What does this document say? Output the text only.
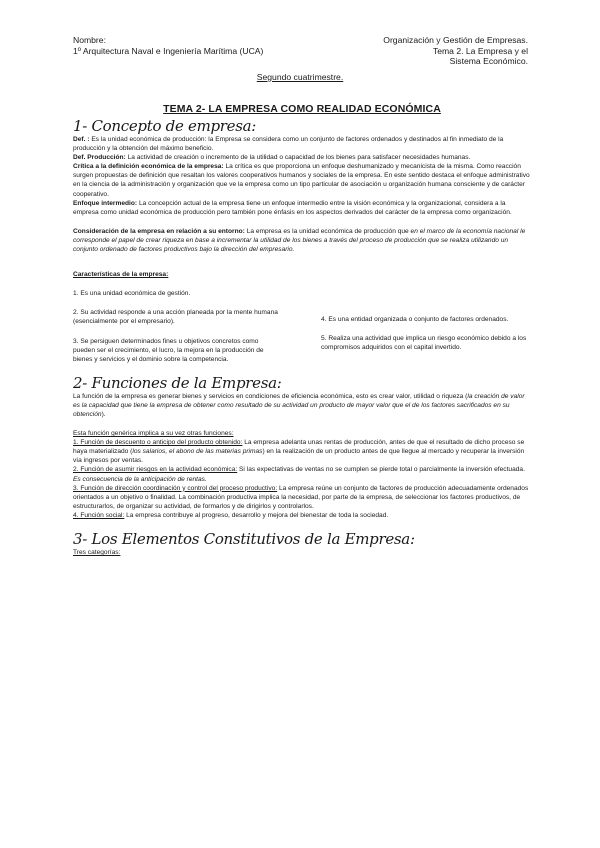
Nombre:
1º Arquitectura Naval e Ingeniería Marítima (UCA)
Organización y Gestión de Empresas.
Tema 2. La Empresa y el
Sistema Económico.
Segundo cuatrimestre.
TEMA 2- LA EMPRESA COMO REALIDAD ECONÓMICA
1- Concepto de empresa:

Def. : Es la unidad económica de producción: la Empresa se considera como un conjunto de factores ordenados y destinados al fin inmediato de la producción y la obtención del máximo beneficio.

Def. Producción: La actividad de creación o incremento de la utilidad o capacidad de los bienes para satisfacer necesidades humanas.

Crítica a la definición económica de la empresa: La crítica es que proporciona un enfoque deshumanizado y mecanicista de la misma. Como reacción surgen propuestas de definición que resaltan los valores cooperativos humanos y sociales de la empresa. En este sentido destaca el enfoque administrativo en la ciencia de la administración y organización que ve la empresa como un tipo particular de asociación u organización humana consciente y de carácter cooperativo.

Enfoque intermedio: La concepción actual de la empresa tiene un enfoque intermedio entre la visión económica y la organizacional, considera a la empresa como unidad económica de producción pero también pone énfasis en los aspectos derivados del carácter de la empresa como organización.

Consideración de la empresa en relación a su entorno: La empresa es la unidad económica de producción que en el marco de la economía nacional le corresponde el papel de crear riqueza en base a incrementar la utilidad de los bienes a través del proceso de producción que se realiza utilizando un conjunto ordenado de factores productivos bajo la dirección del empresario.

Características de la empresa:

1. Es una unidad económica de gestión.

2. Su actividad responde a una acción planeada por la mente humana (esencialmente por el empresario).

3. Se persiguen determinados fines u objetivos concretos como pueden ser el crecimiento, el lucro, la mejora en la producción de bienes y servicios y el dominio sobre la competencia.

4. Es una entidad organizada o conjunto de factores ordenados.

5. Realiza una actividad que implica un riesgo económico debido a los compromisos adquiridos con el capital invertido.

2- Funciones de la Empresa:

La función de la empresa es generar bienes y servicios en condiciones de eficiencia económica, esto es crear valor, utilidad o riqueza (la creación de valor es la capacidad que tiene la empresa de obtener como resultado de su actividad un producto de mayor valor que el de los factores sacrificados en su obtención).

Esta función genérica implica a su vez otras funciones:

1. Función de descuento o anticipo del producto obtenido: La empresa adelanta unas rentas de producción, antes de que el resultado de dicho proceso se haya materializado (los salarios, el abono de las materias primas) en la realización de un producto antes de que llegue al mercado y recuperar la inversión vía ingresos por ventas.

2. Función de asumir riesgos en la actividad económica: Si las expectativas de ventas no se cumplen se pierde total o parcialmente la inversión efectuada. Es consecuencia de la anticipación de rentas.

3. Función de dirección coordinación y control del proceso productivo: La empresa reúne un conjunto de factores de producción adecuadamente ordenados orientados a un objetivo o finalidad. La combinación productiva implica la necesidad, por parte de la empresa, de seleccionar los factores productivos, de estructurarlos, de organizar su actividad, de formarlos y de dirigirlos y controlarlos.

4. Función social: La empresa contribuye al progreso, desarrollo y mejora del bienestar de toda la sociedad.

3- Los Elementos Constitutivos de la Empresa:

Tres categorías:
